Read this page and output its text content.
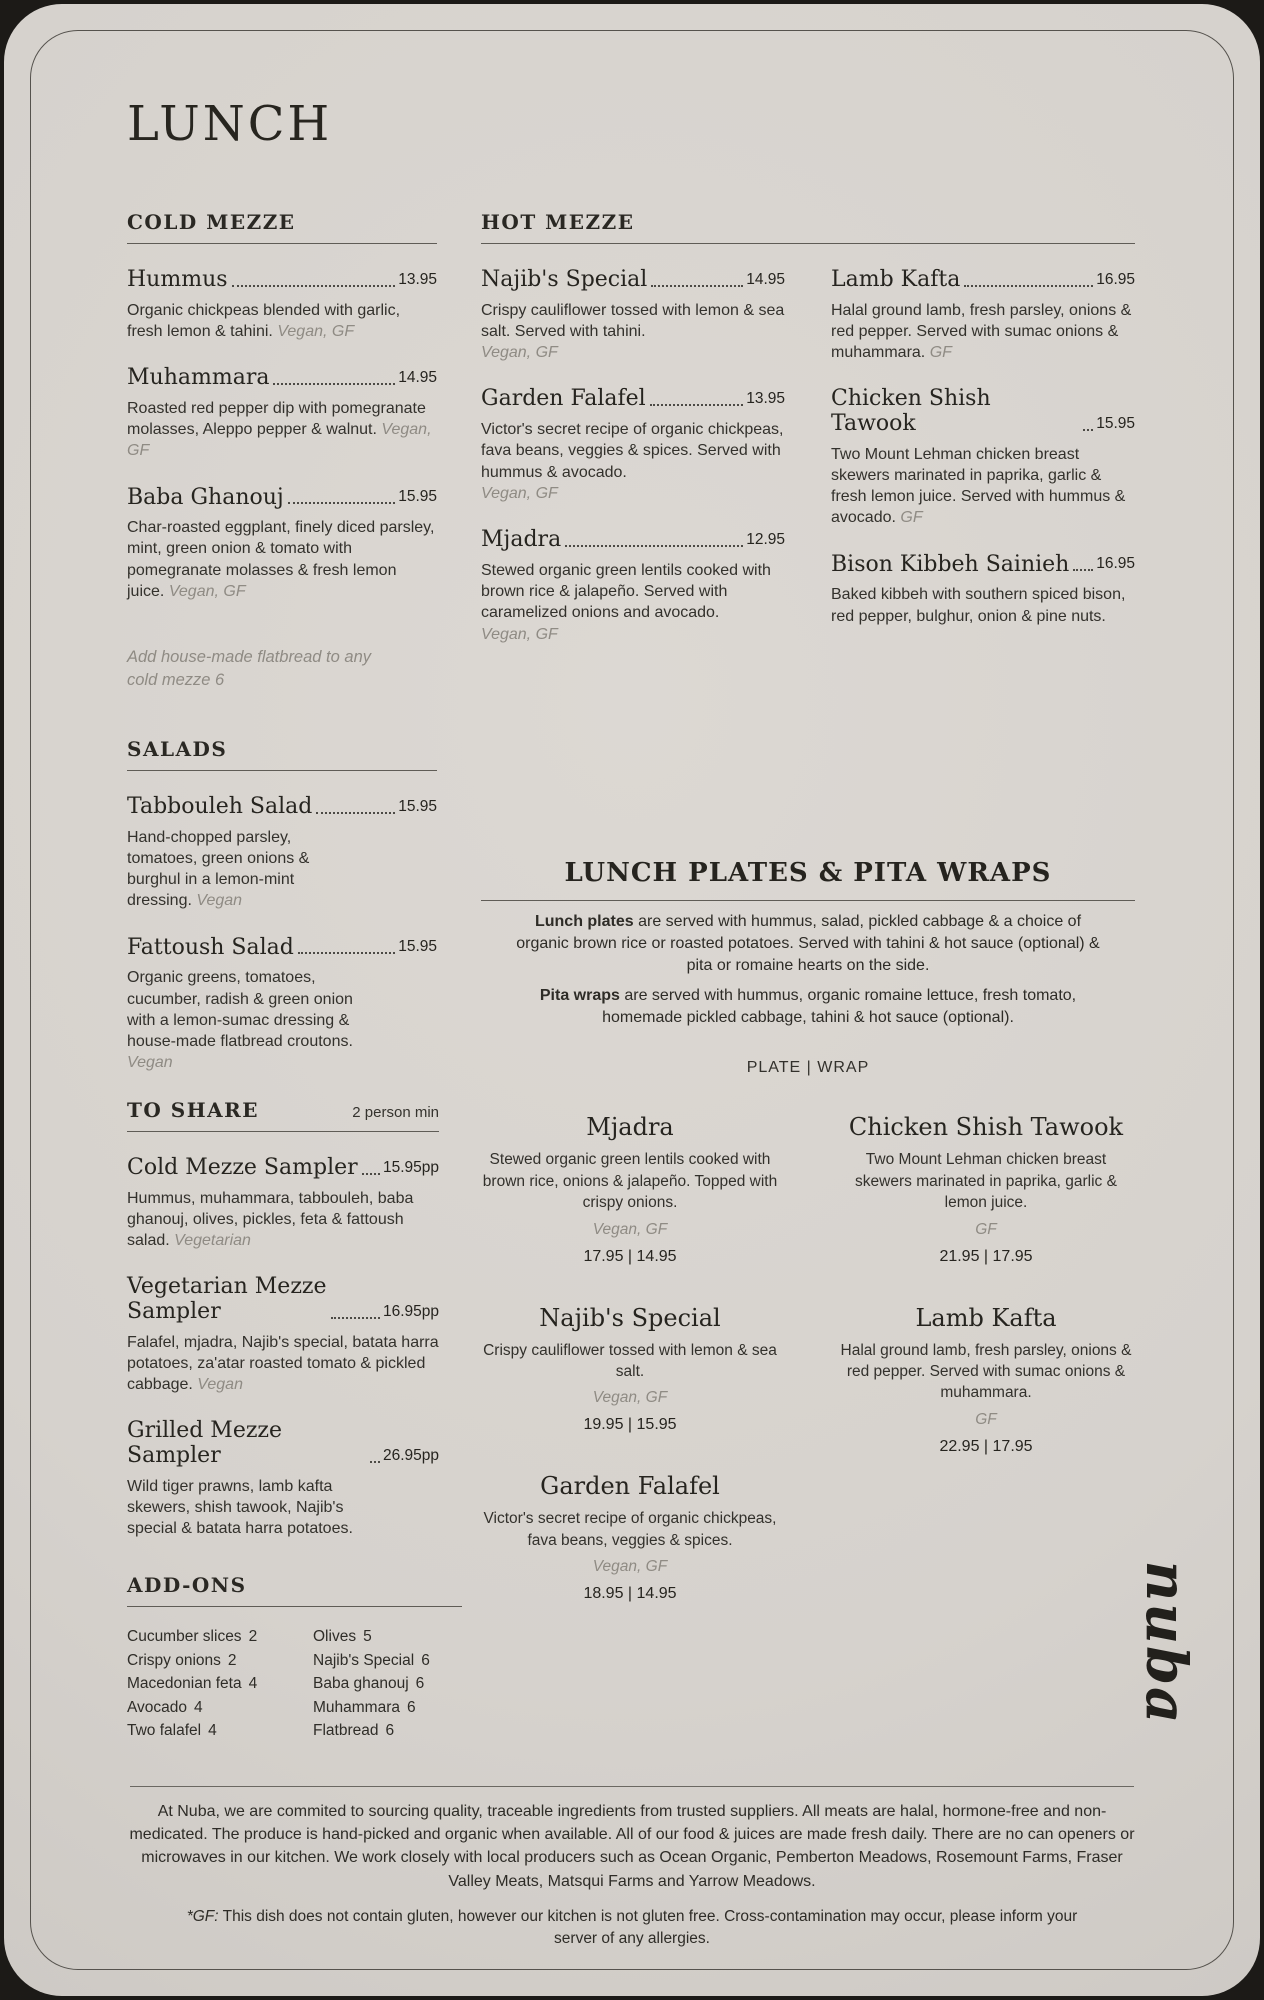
LUNCH
COLD MEZZE
Hummus	13.95

Organic chickpeas blended with garlic, fresh lemon & tahini. Vegan, GF

Muhammara	14.95

Roasted red pepper dip with pomegranate molasses, Aleppo pepper & walnut. Vegan, GF

Baba Ghanouj	15.95

Char-roasted eggplant, finely diced parsley, mint, green onion & tomato with pomegranate molasses & fresh lemon juice. Vegan, GF

Add house-made flatbread to any cold mezze 6

HOT MEZZE
Najib's Special	14.95

Crispy cauliflower tossed with lemon & sea salt. Served with tahini.
Vegan, GF

Garden Falafel	13.95

Victor's secret recipe of organic chickpeas, fava beans, veggies & spices. Served with hummus & avocado.
Vegan, GF

Mjadra	12.95

Stewed organic green lentils cooked with brown rice & jalapeño. Served with caramelized onions and avocado.
Vegan, GF

Lamb Kafta	16.95

Halal ground lamb, fresh parsley, onions & red pepper. Served with sumac onions & muhammara. GF

Chicken Shish Tawook	15.95

Two Mount Lehman chicken breast skewers marinated in paprika, garlic & fresh lemon juice. Served with hummus & avocado. GF

Bison Kibbeh Sainieh 16.95

Baked kibbeh with southern spiced bison, red pepper, bulghur, onion & pine nuts.

SALADS
Tabbouleh Salad	15.95

Hand-chopped parsley, tomatoes, green onions & burghul in a lemon-mint dressing. Vegan

Fattoush Salad	15.95

Organic greens, tomatoes, cucumber, radish & green onion with a lemon-sumac dressing & house-made flatbread croutons. Vegan

TO SHARE	2 person min
Cold Mezze Sampler 15.95pp

Hummus, muhammara, tabbouleh, baba ghanouj, olives, pickles, feta & fattoush salad. Vegetarian

Vegetarian Mezze Sampler	16.95pp

Falafel, mjadra, Najib's special, batata harra potatoes, za'atar roasted tomato & pickled cabbage. Vegan

Grilled Mezze Sampler	26.95pp

Wild tiger prawns, lamb kafta skewers, shish tawook, Najib's special & batata harra potatoes.

ADD-ONS
Cucumber slices 2
Crispy onions 2
Macedonian feta 4
Avocado 4
Two falafel 4
Olives 5
Najib's Special 6
Baba ghanouj 6
Muhammara 6
Flatbread 6
LUNCH PLATES & PITA WRAPS

Lunch plates are served with hummus, salad, pickled cabbage & a choice of organic brown rice or roasted potatoes. Served with tahini & hot sauce (optional) & pita or romaine hearts on the side.

Pita wraps are served with hummus, organic romaine lettuce, fresh tomato, homemade pickled cabbage, tahini & hot sauce (optional).

PLATE | WRAP
Mjadra

Stewed organic green lentils cooked with brown rice, onions & jalapeño. Topped with crispy onions.

Vegan, GF

17.95 | 14.95

Najib's Special

Crispy cauliflower tossed with lemon & sea salt.

Vegan, GF

19.95 | 15.95

Garden Falafel

Victor's secret recipe of organic chickpeas, fava beans, veggies & spices.

Vegan, GF

18.95 | 14.95

Chicken Shish Tawook

Two Mount Lehman chicken breast skewers marinated in paprika, garlic & lemon juice.

GF

21.95 | 17.95

Lamb Kafta

Halal ground lamb, fresh parsley, onions & red pepper. Served with sumac onions & muhammara.

GF

22.95 | 17.95

nuba

At Nuba, we are commited to sourcing quality, traceable ingredients from trusted suppliers. All meats are halal, hormone-free and non-medicated. The produce is hand-picked and organic when available. All of our food & juices are made fresh daily. There are no can openers or microwaves in our kitchen. We work closely with local producers such as Ocean Organic, Pemberton Meadows, Rosemount Farms, Fraser Valley Meats, Matsqui Farms and Yarrow Meadows.

*GF: This dish does not contain gluten, however our kitchen is not gluten free. Cross-contamination may occur, please inform your server of any allergies.
